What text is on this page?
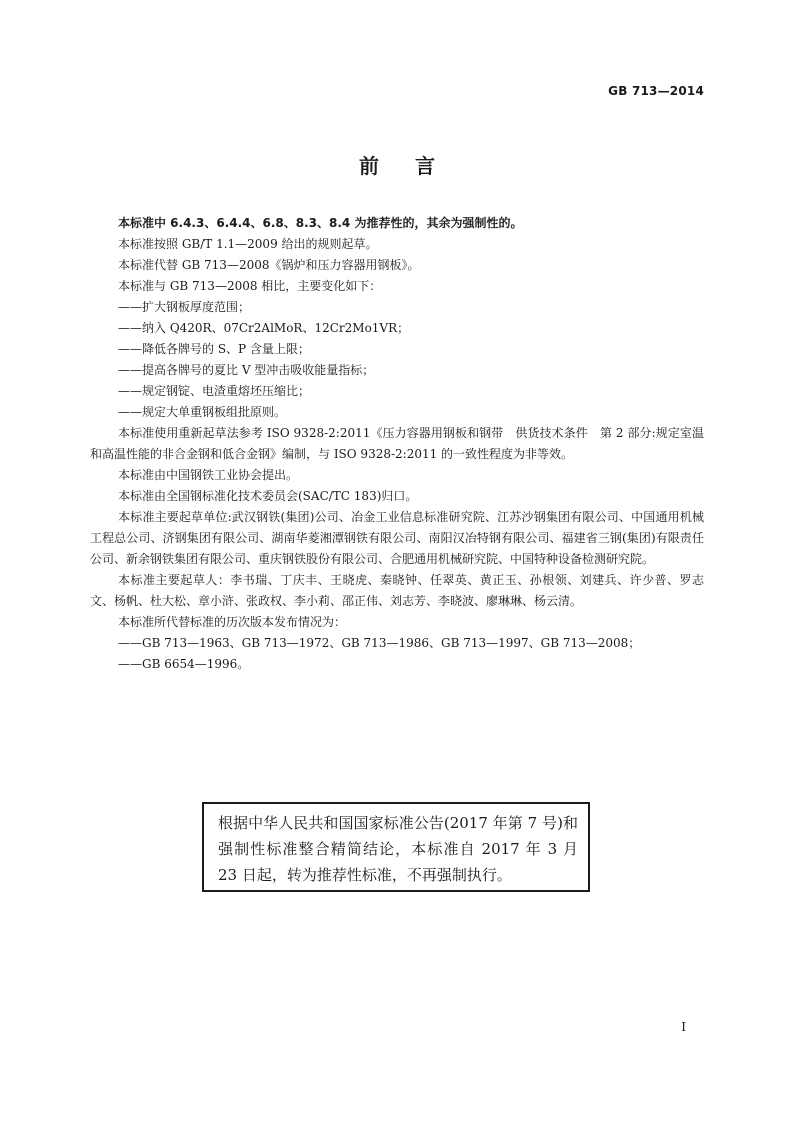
GB 713—2014
前言

本标准中 6.4.3、6.4.4、6.8、8.3、8.4 为推荐性的，其余为强制性的。

本标准按照 GB/T 1.1—2009 给出的规则起草。

本标准代替 GB 713—2008《锅炉和压力容器用钢板》。

本标准与 GB 713—2008 相比，主要变化如下：

——扩大钢板厚度范围；

——纳入 Q420R、07Cr2AlMoR、12Cr2Mo1VR；

——降低各牌号的 S、P 含量上限；

——提高各牌号的夏比 V 型冲击吸收能量指标；

——规定钢锭、电渣重熔坯压缩比；

——规定大单重钢板组批原则。

本标准使用重新起草法参考 ISO 9328-2:2011《压力容器用钢板和钢带　供货技术条件　第 2 部分:规定室温和高温性能的非合金钢和低合金钢》编制，与 ISO 9328-2:2011 的一致性程度为非等效。

本标准由中国钢铁工业协会提出。

本标准由全国钢标准化技术委员会(SAC/TC 183)归口。

本标准主要起草单位:武汉钢铁(集团)公司、冶金工业信息标准研究院、江苏沙钢集团有限公司、中国通用机械工程总公司、济钢集团有限公司、湖南华菱湘潭钢铁有限公司、南阳汉冶特钢有限公司、福建省三钢(集团)有限责任公司、新余钢铁集团有限公司、重庆钢铁股份有限公司、合肥通用机械研究院、中国特种设备检测研究院。

本标准主要起草人：李书瑞、丁庆丰、王晓虎、秦晓钟、任翠英、黄正玉、孙根领、刘建兵、许少普、罗志文、杨帆、杜大松、章小浒、张政权、李小莉、邵正伟、刘志芳、李晓波、廖琳琳、杨云清。

本标准所代替标准的历次版本发布情况为：

——GB 713—1963、GB 713—1972、GB 713—1986、GB 713—1997、GB 713—2008；

——GB 6654—1996。

根据中华人民共和国国家标准公告(2017 年第 7 号)和强制性标准整合精简结论，本标准自 2017 年 3 月 23 日起，转为推荐性标准，不再强制执行。
I
